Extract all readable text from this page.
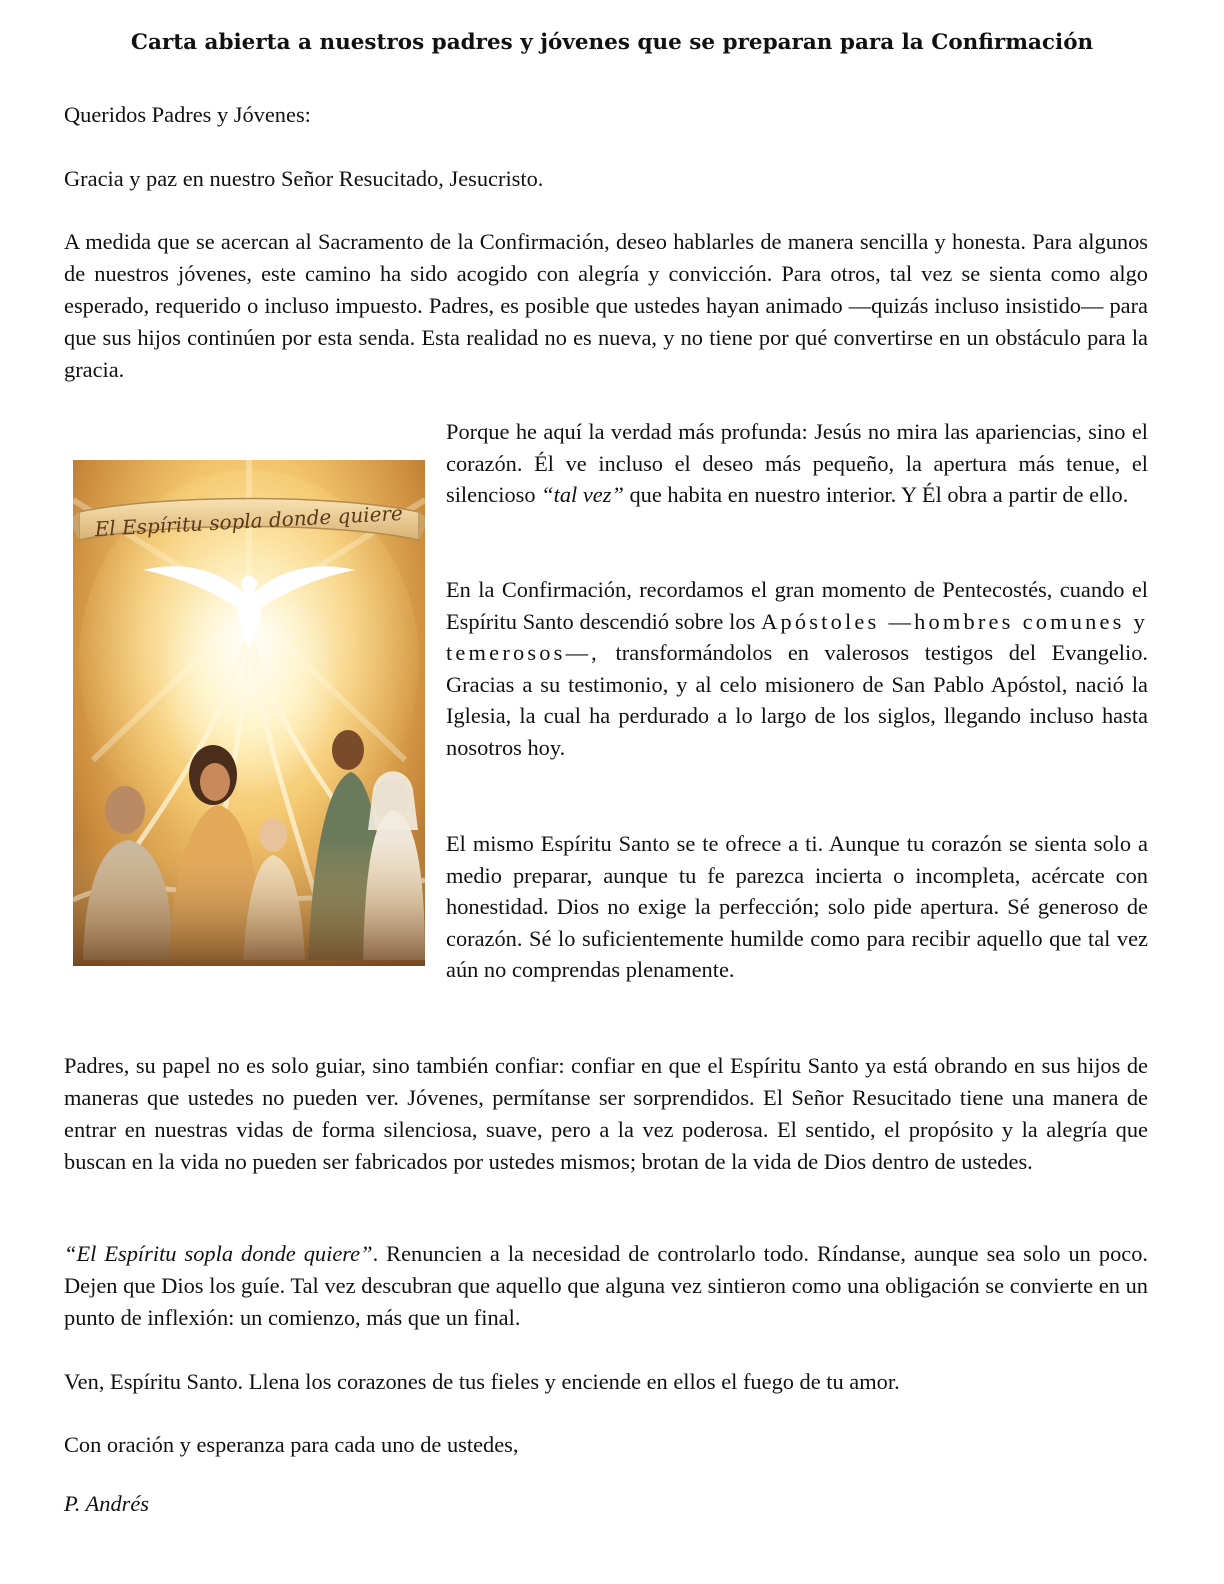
Carta abierta a nuestros padres y jóvenes que se preparan para la Confirmación

Queridos Padres y Jóvenes:

Gracia y paz en nuestro Señor Resucitado, Jesucristo.

A medida que se acercan al Sacramento de la Confirmación, deseo hablarles de manera sencilla y honesta. Para algunos de nuestros jóvenes, este camino ha sido acogido con alegría y convicción. Para otros, tal vez se sienta como algo esperado, requerido o incluso impuesto. Padres, es posible que ustedes hayan animado —quizás incluso insistido— para que sus hijos continúen por esta senda. Esta realidad no es nueva, y no tiene por qué convertirse en un obstáculo para la gracia.

El Espíritu sopla donde quiere

Porque he aquí la verdad más profunda: Jesús no mira las apariencias, sino el corazón. Él ve incluso el deseo más pequeño, la apertura más tenue, el silencioso “tal vez” que habita en nuestro interior. Y Él obra a partir de ello.

En la Confirmación, recordamos el gran momento de Pentecostés, cuando el Espíritu Santo descendió sobre los Apóstoles —hombres comunes y temerosos—, transformándolos en valerosos testigos del Evangelio. Gracias a su testimonio, y al celo misionero de San Pablo Apóstol, nació la Iglesia, la cual ha perdurado a lo largo de los siglos, llegando incluso hasta nosotros hoy.

El mismo Espíritu Santo se te ofrece a ti. Aunque tu corazón se sienta solo a medio preparar, aunque tu fe parezca incierta o incompleta, acércate con honestidad. Dios no exige la perfección; solo pide apertura. Sé generoso de corazón. Sé lo suficientemente humilde como para recibir aquello que tal vez aún no comprendas plenamente.

Padres, su papel no es solo guiar, sino también confiar: confiar en que el Espíritu Santo ya está obrando en sus hijos de maneras que ustedes no pueden ver. Jóvenes, permítanse ser sorprendidos. El Señor Resucitado tiene una manera de entrar en nuestras vidas de forma silenciosa, suave, pero a la vez poderosa. El sentido, el propósito y la alegría que buscan en la vida no pueden ser fabricados por ustedes mismos; brotan de la vida de Dios dentro de ustedes.

“El Espíritu sopla donde quiere”. Renuncien a la necesidad de controlarlo todo. Ríndanse, aunque sea solo un poco. Dejen que Dios los guíe. Tal vez descubran que aquello que alguna vez sintieron como una obligación se convierte en un punto de inflexión: un comienzo, más que un final.

Ven, Espíritu Santo. Llena los corazones de tus fieles y enciende en ellos el fuego de tu amor.

Con oración y esperanza para cada uno de ustedes,

P. Andrés
